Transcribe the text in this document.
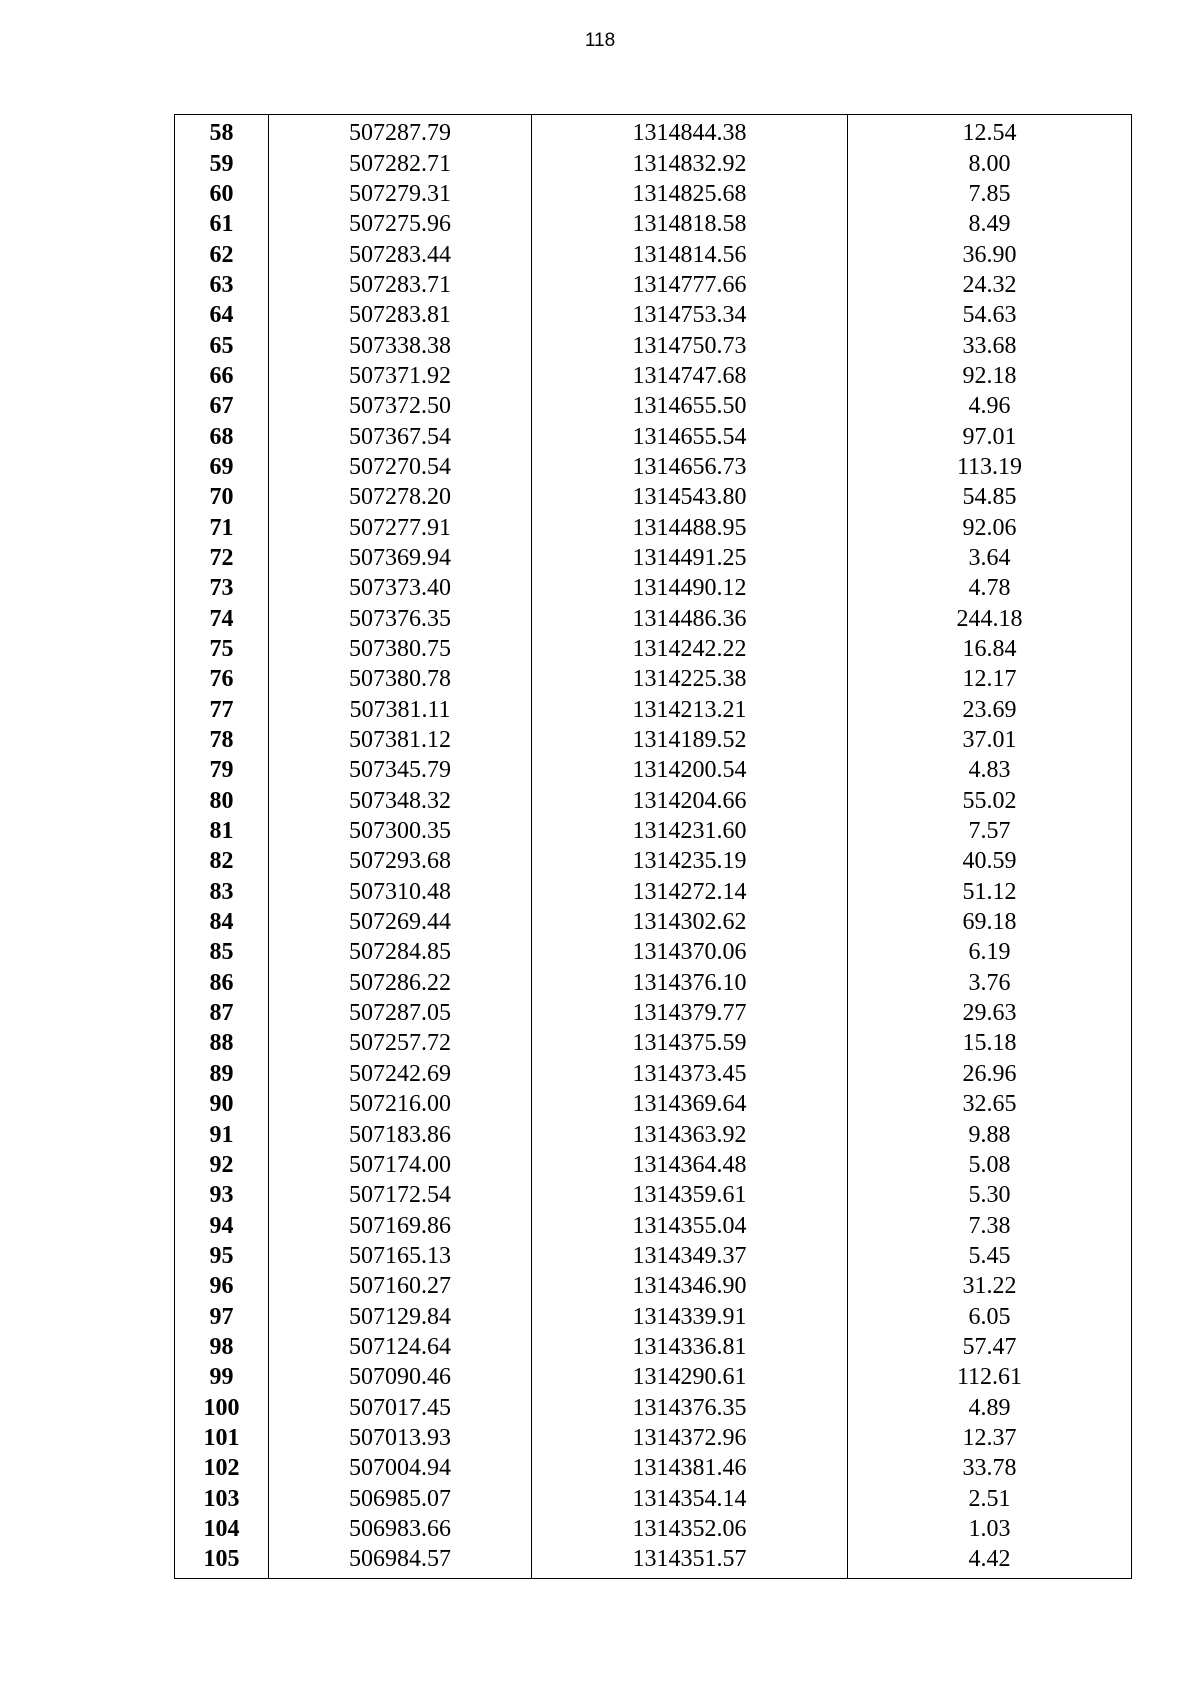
118
58	507287.79	1314844.38	12.54
59	507282.71	1314832.92	8.00
60	507279.31	1314825.68	7.85
61	507275.96	1314818.58	8.49
62	507283.44	1314814.56	36.90
63	507283.71	1314777.66	24.32
64	507283.81	1314753.34	54.63
65	507338.38	1314750.73	33.68
66	507371.92	1314747.68	92.18
67	507372.50	1314655.50	4.96
68	507367.54	1314655.54	97.01
69	507270.54	1314656.73	113.19
70	507278.20	1314543.80	54.85
71	507277.91	1314488.95	92.06
72	507369.94	1314491.25	3.64
73	507373.40	1314490.12	4.78
74	507376.35	1314486.36	244.18
75	507380.75	1314242.22	16.84
76	507380.78	1314225.38	12.17
77	507381.11	1314213.21	23.69
78	507381.12	1314189.52	37.01
79	507345.79	1314200.54	4.83
80	507348.32	1314204.66	55.02
81	507300.35	1314231.60	7.57
82	507293.68	1314235.19	40.59
83	507310.48	1314272.14	51.12
84	507269.44	1314302.62	69.18
85	507284.85	1314370.06	6.19
86	507286.22	1314376.10	3.76
87	507287.05	1314379.77	29.63
88	507257.72	1314375.59	15.18
89	507242.69	1314373.45	26.96
90	507216.00	1314369.64	32.65
91	507183.86	1314363.92	9.88
92	507174.00	1314364.48	5.08
93	507172.54	1314359.61	5.30
94	507169.86	1314355.04	7.38
95	507165.13	1314349.37	5.45
96	507160.27	1314346.90	31.22
97	507129.84	1314339.91	6.05
98	507124.64	1314336.81	57.47
99	507090.46	1314290.61	112.61
100	507017.45	1314376.35	4.89
101	507013.93	1314372.96	12.37
102	507004.94	1314381.46	33.78
103	506985.07	1314354.14	2.51
104	506983.66	1314352.06	1.03
105	506984.57	1314351.57	4.42
